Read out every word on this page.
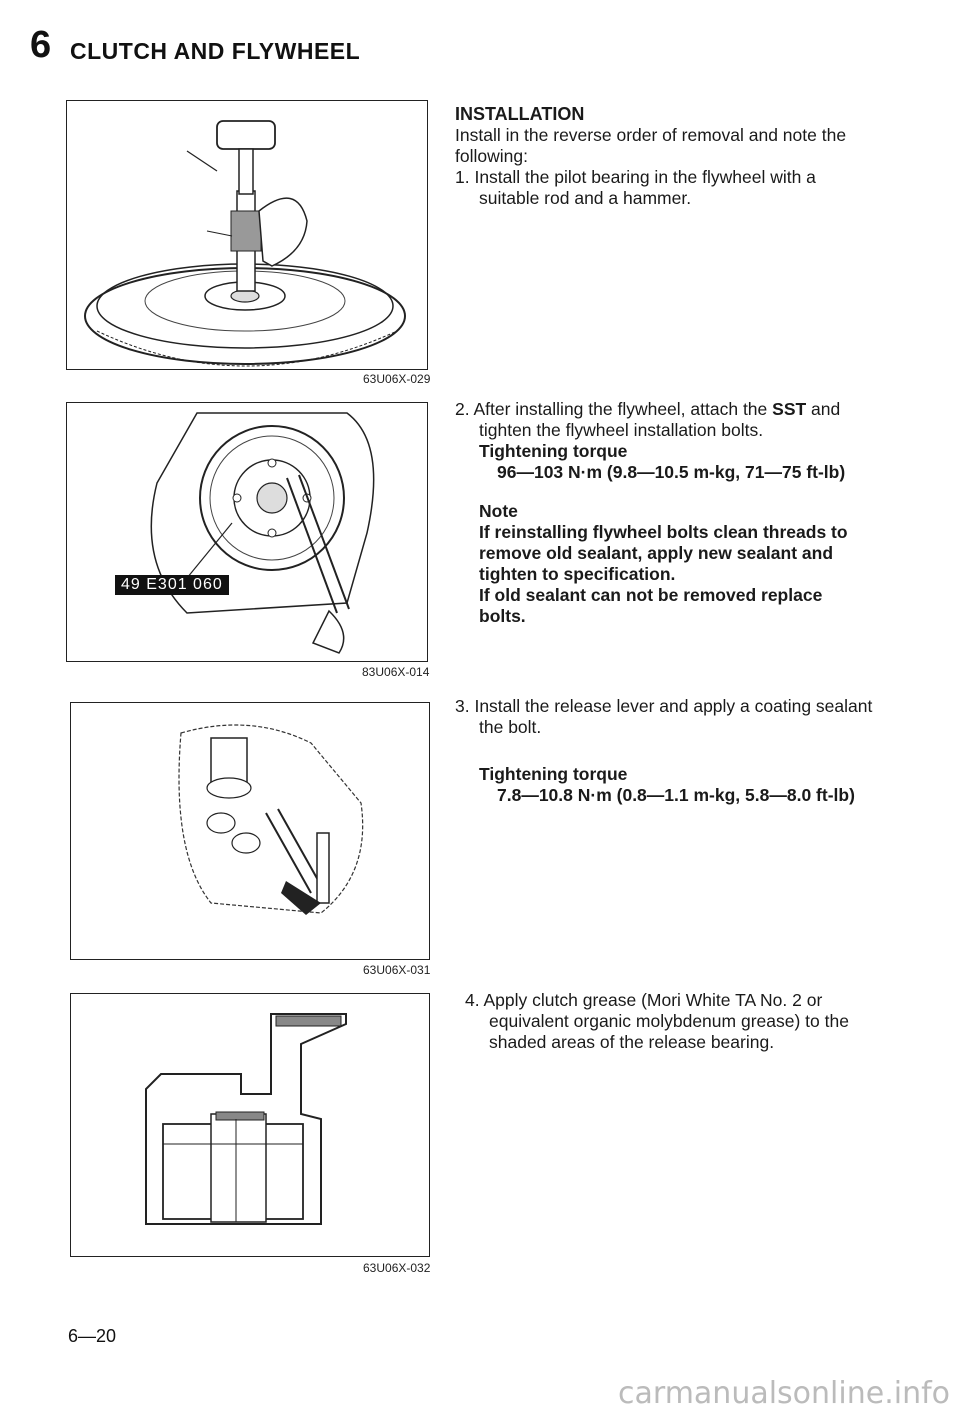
6 CLUTCH AND FLYWHEEL
63U06X-029
49 E301 060
83U06X-014
63U06X-031
63U06X-032

INSTALLATION

Install in the reverse order of removal and note the following:

1. Install the pilot bearing in the flywheel with a suitable rod and a hammer.

2. After installing the flywheel, attach the SST and tighten the flywheel installation bolts.

Tightening torque

96—103 N·m (9.8—10.5 m-kg, 71—75 ft-lb)

Note

If reinstalling flywheel bolts clean threads to remove old sealant, apply new sealant and tighten to specification.

If old sealant can not be removed replace bolts.

3. Install the release lever and apply a coating sealant the bolt.

Tightening torque

7.8—10.8 N·m (0.8—1.1 m-kg, 5.8—8.0 ft-lb)

4. Apply clutch grease (Mori White TA No. 2 or equivalent organic molybdenum grease) to the shaded areas of the release bearing.

6—20
carmanualsonline.info
